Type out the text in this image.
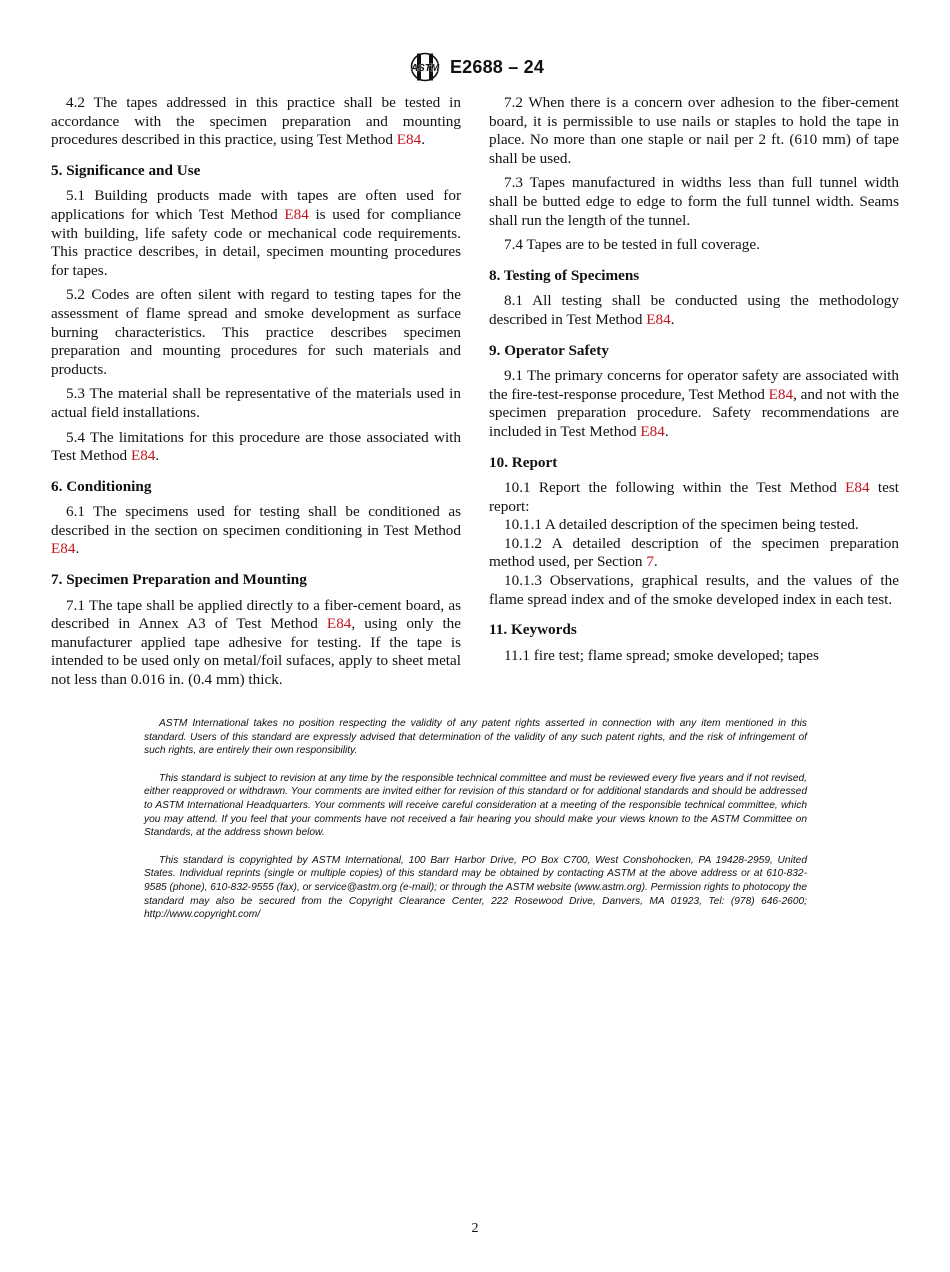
ASTM E2688 – 24

4.2 The tapes addressed in this practice shall be tested in accordance with the specimen preparation and mounting procedures described in this practice, using Test Method E84.

5. Significance and Use

5.1 Building products made with tapes are often used for applications for which Test Method E84 is used for compliance with building, life safety code or mechanical code requirements. This practice describes, in detail, specimen mounting procedures for tapes.

5.2 Codes are often silent with regard to testing tapes for the assessment of flame spread and smoke development as surface burning characteristics. This practice describes specimen preparation and mounting procedures for such materials and products.

5.3 The material shall be representative of the materials used in actual field installations.

5.4 The limitations for this procedure are those associated with Test Method E84.

6. Conditioning

6.1 The specimens used for testing shall be conditioned as described in the section on specimen conditioning in Test Method E84.

7. Specimen Preparation and Mounting

7.1 The tape shall be applied directly to a fiber-cement board, as described in Annex A3 of Test Method E84, using only the manufacturer applied tape adhesive for testing. If the tape is intended to be used only on metal/foil sufaces, apply to sheet metal not less than 0.016 in. (0.4 mm) thick.

7.2 When there is a concern over adhesion to the fiber-cement board, it is permissible to use nails or staples to hold the tape in place. No more than one staple or nail per 2 ft. (610 mm) of tape shall be used.

7.3 Tapes manufactured in widths less than full tunnel width shall be butted edge to edge to form the full tunnel width. Seams shall run the length of the tunnel.

7.4 Tapes are to be tested in full coverage.

8. Testing of Specimens

8.1 All testing shall be conducted using the methodology described in Test Method E84.

9. Operator Safety

9.1 The primary concerns for operator safety are associated with the fire-test-response procedure, Test Method E84, and not with the specimen preparation procedure. Safety recommendations are included in Test Method E84.

10. Report

10.1 Report the following within the Test Method E84 test report:

10.1.1 A detailed description of the specimen being tested.

10.1.2 A detailed description of the specimen preparation method used, per Section 7.

10.1.3 Observations, graphical results, and the values of the flame spread index and of the smoke developed index in each test.

11. Keywords

11.1 fire test; flame spread; smoke developed; tapes

ASTM International takes no position respecting the validity of any patent rights asserted in connection with any item mentioned in this standard. Users of this standard are expressly advised that determination of the validity of any such patent rights, and the risk of infringement of such rights, are entirely their own responsibility.

This standard is subject to revision at any time by the responsible technical committee and must be reviewed every five years and if not revised, either reapproved or withdrawn. Your comments are invited either for revision of this standard or for additional standards and should be addressed to ASTM International Headquarters. Your comments will receive careful consideration at a meeting of the responsible technical committee, which you may attend. If you feel that your comments have not received a fair hearing you should make your views known to the ASTM Committee on Standards, at the address shown below.

This standard is copyrighted by ASTM International, 100 Barr Harbor Drive, PO Box C700, West Conshohocken, PA 19428-2959, United States. Individual reprints (single or multiple copies) of this standard may be obtained by contacting ASTM at the above address or at 610-832-9585 (phone), 610-832-9555 (fax), or service@astm.org (e-mail); or through the ASTM website (www.astm.org). Permission rights to photocopy the standard may also be secured from the Copyright Clearance Center, 222 Rosewood Drive, Danvers, MA 01923, Tel: (978) 646-2600; http://www.copyright.com/

2
